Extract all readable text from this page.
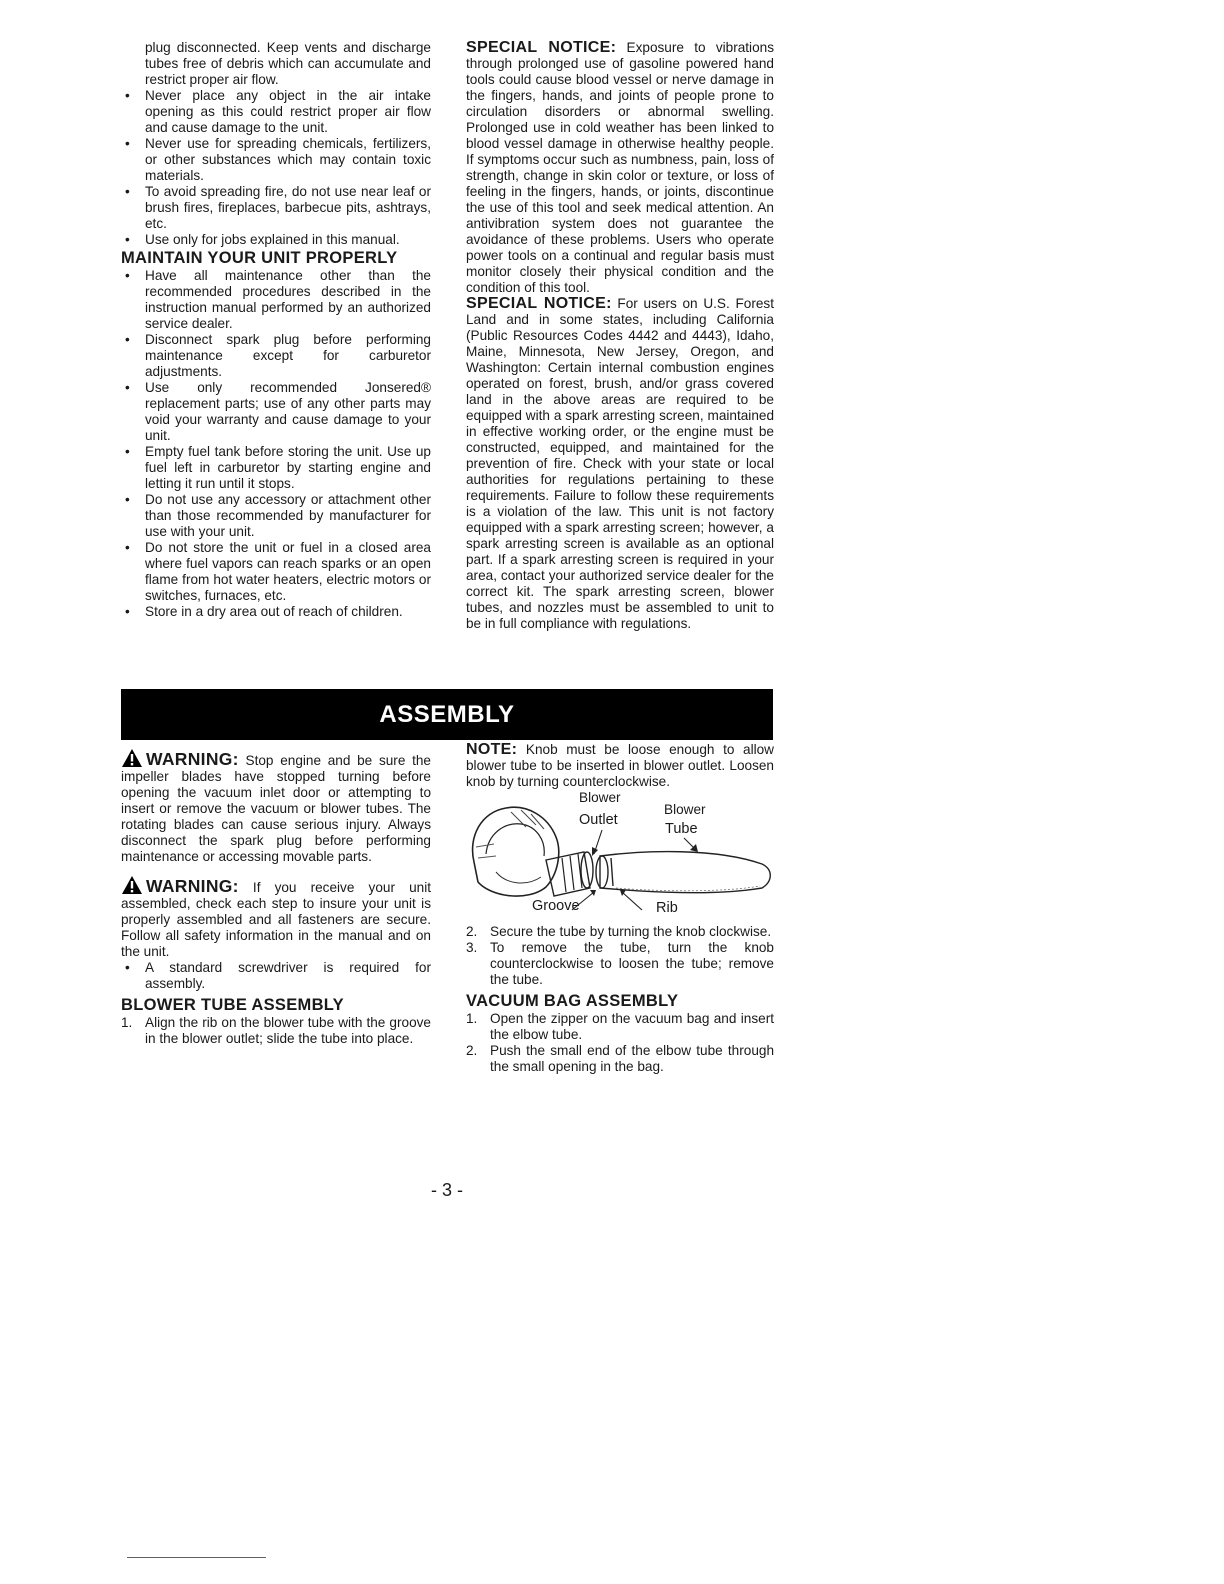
plug disconnected. Keep vents and discharge tubes free of debris which can accumulate and restrict proper air flow.

• Never place any object in the air intake opening as this could restrict proper air flow and cause damage to the unit.
• Never use for spreading chemicals, fertilizers, or other substances which may contain toxic materials.
• To avoid spreading fire, do not use near leaf or brush fires, fireplaces, barbecue pits, ashtrays, etc.
• Use only for jobs explained in this manual.
MAINTAIN YOUR UNIT PROPERLY
• Have all maintenance other than the recommended procedures described in the instruction manual performed by an authorized service dealer.
• Disconnect spark plug before performing maintenance except for carburetor adjustments.
• Use only recommended Jonsered® replacement parts; use of any other parts may void your warranty and cause damage to your unit.
• Empty fuel tank before storing the unit. Use up fuel left in carburetor by starting engine and letting it run until it stops.
• Do not use any accessory or attachment other than those recommended by manufacturer for use with your unit.
• Do not store the unit or fuel in a closed area where fuel vapors can reach sparks or an open flame from hot water heaters, electric motors or switches, furnaces, etc.
• Store in a dry area out of reach of children.

SPECIAL NOTICE: Exposure to vibrations through prolonged use of gasoline powered hand tools could cause blood vessel or nerve damage in the fingers, hands, and joints of people prone to circulation disorders or abnormal swelling. Prolonged use in cold weather has been linked to blood vessel damage in otherwise healthy people. If symptoms occur such as numbness, pain, loss of strength, change in skin color or texture, or loss of feeling in the fingers, hands, or joints, discontinue the use of this tool and seek medical attention. An antivibration system does not guarantee the avoidance of these problems. Users who operate power tools on a continual and regular basis must monitor closely their physical condition and the condition of this tool.

SPECIAL NOTICE: For users on U.S. Forest Land and in some states, including California (Public Resources Codes 4442 and 4443), Idaho, Maine, Minnesota, New Jersey, Oregon, and Washington: Certain internal combustion engines operated on forest, brush, and/or grass covered land in the above areas are required to be equipped with a spark arresting screen, maintained in effective working order, or the engine must be constructed, equipped, and maintained for the prevention of fire. Check with your state or local authorities for regulations pertaining to these requirements. Failure to follow these requirements is a violation of the law. This unit is not factory equipped with a spark arresting screen; however, a spark arresting screen is available as an optional part. If a spark arresting screen is required in your area, contact your authorized service dealer for the correct kit. The spark arresting screen, blower tubes, and nozzles must be assembled to unit to be in full compliance with regulations.

ASSEMBLY

WARNING: Stop engine and be sure the impeller blades have stopped turning before opening the vacuum inlet door or attempting to insert or remove the vacuum or blower tubes. The rotating blades can cause serious injury. Always disconnect the spark plug before performing maintenance or accessing movable parts.

WARNING: If you receive your unit assembled, check each step to insure your unit is properly assembled and all fasteners are secure. Follow all safety information in the manual and on the unit.

• A standard screwdriver is required for assembly.
BLOWER TUBE ASSEMBLY
1. Align the rib on the blower tube with the groove in the blower outlet; slide the tube into place.

NOTE: Knob must be loose enough to allow blower tube to be inserted in blower outlet. Loosen knob by turning counterclockwise.

Blower
Outlet
Blower
Tube
Groove	Rib
2. Secure the tube by turning the knob clockwise.
3. To remove the tube, turn the knob counterclockwise to loosen the tube; remove the tube.
VACUUM BAG ASSEMBLY
1. Open the zipper on the vacuum bag and insert the elbow tube.
2. Push the small end of the elbow tube through the small opening in the bag.
- 3 -
